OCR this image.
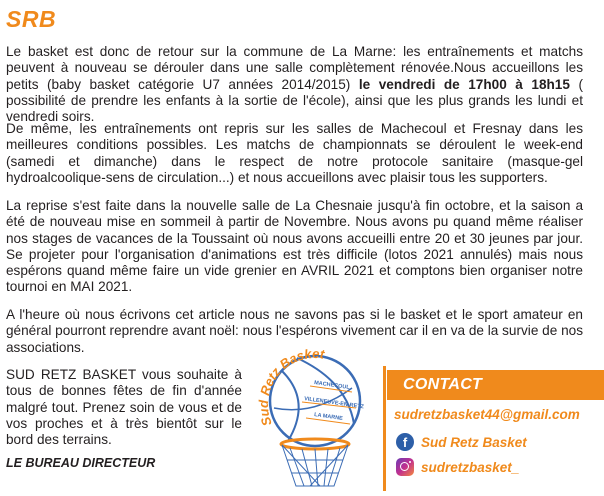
SRB

Le basket est donc de retour sur la commune de La Marne: les entraînements et matchs peuvent à nouveau se dérouler dans une salle complètement rénovée.Nous accueillons les petits (baby basket catégorie U7 années 2014/2015) le vendredi de 17h00 à 18h15 ( possibilité de prendre les enfants à la sortie de l'école), ainsi que les plus grands les lundi et vendredi soirs.

De même, les entraînements ont repris sur les salles de Machecoul et Fresnay dans les meilleures conditions possibles. Les matchs de championnats se déroulent le week-end (samedi et dimanche) dans le respect de notre protocole sanitaire (masque-gel hydroalcoolique-sens de circulation...) et nous accueillons avec plaisir tous les supporters.

La reprise s'est faite dans la nouvelle salle de La Chesnaie jusqu'à fin octobre, et la saison a été de nouveau mise en sommeil à partir de Novembre. Nous avons pu quand même réaliser nos stages de vacances de la Toussaint où nous avons accueilli entre 20 et 30 jeunes par jour. Se projeter pour l'organisation d'animations est très difficile (lotos 2021 annulés) mais nous espérons quand même faire un vide grenier en AVRIL 2021 et comptons bien organiser notre tournoi en MAI 2021.

A l'heure où nous écrivons cet article nous ne savons pas si le basket et le sport amateur en général pourront reprendre avant noël: nous l'espérons vivement car il en va de la survie de nos associations.

SUD RETZ BASKET vous souhaite à tous de bonnes fêtes de fin d'année malgré tout. Prenez soin de vous et de vos proches et à très bientôt sur le bord des terrains.

LE BUREAU DIRECTEUR
Sud Retz Basket
MACHECOUL
VILLENEUVE-EN-RETZ
LA MARNE
CONTACT
sudretzbasket44@gmail.com
f	Sud Retz Basket
sudretzbasket_
